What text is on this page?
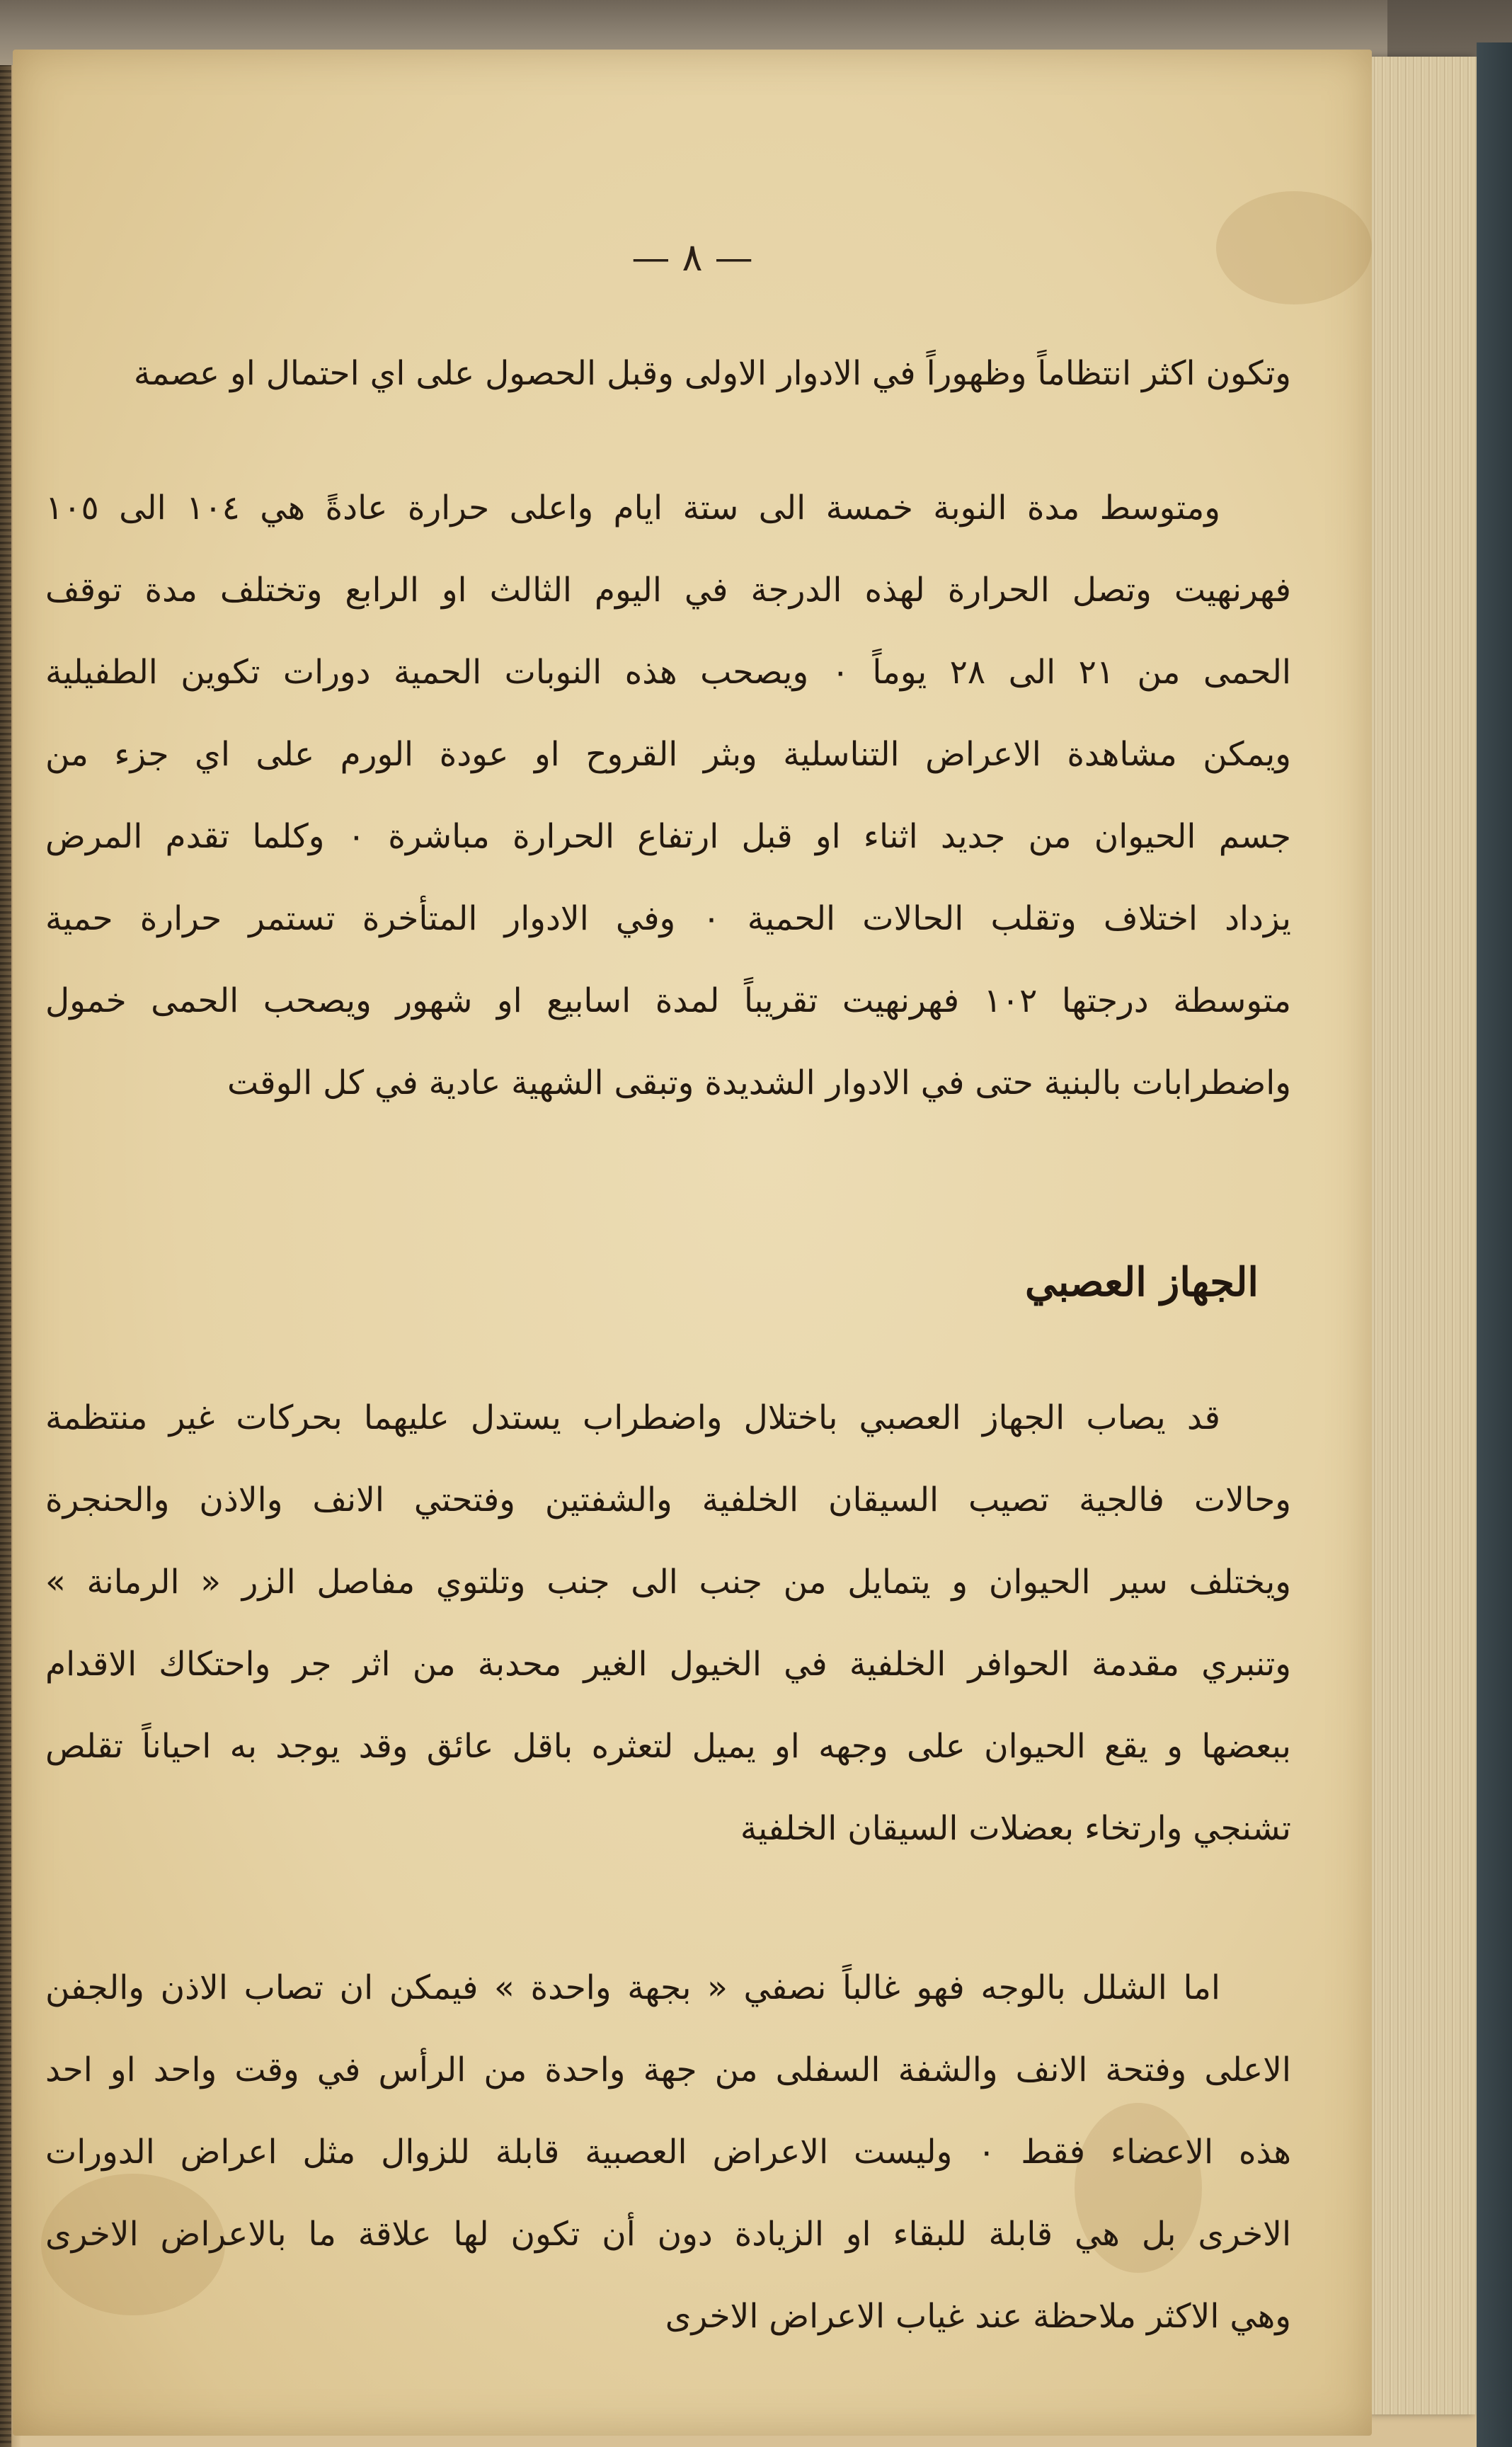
— ٨ —
وتكون اكثر انتظاماً وظهوراً في الادوار الاولى وقبل الحصول على اي احتمال او عصمة
ومتوسط مدة النوبة خمسة الى ستة ايام واعلى حرارة عادةً هي ١٠٤ الى ١٠٥
فهرنهيت وتصل الحرارة لهذه الدرجة في اليوم الثالث او الرابع وتختلف مدة توقف
الحمى من ٢١ الى ٢٨ يوماً ٠ ويصحب هذه النوبات الحمية دورات تكوين الطفيلية
ويمكن مشاهدة الاعراض التناسلية وبثر القروح او عودة الورم على اي جزء من
جسم الحيوان من جديد اثناء او قبل ارتفاع الحرارة مباشرة ٠ وكلما تقدم المرض
يزداد اختلاف وتقلب الحالات الحمية ٠ وفي الادوار المتأخرة تستمر حرارة حمية
متوسطة درجتها ١٠٢ فهرنهيت تقريباً لمدة اسابيع او شهور ويصحب الحمى خمول
واضطرابات بالبنية حتى في الادوار الشديدة وتبقى الشهية عادية في كل الوقت
الجهاز العصبي
قد يصاب الجهاز العصبي باختلال واضطراب يستدل عليهما بحركات غير منتظمة
وحالات فالجية تصيب السيقان الخلفية والشفتين وفتحتي الانف والاذن والحنجرة
ويختلف سير الحيوان و يتمايل من جنب الى جنب وتلتوي مفاصل الزر « الرمانة »
وتنبري مقدمة الحوافر الخلفية في الخيول الغير محدبة من اثر جر واحتكاك الاقدام
ببعضها و يقع الحيوان على وجهه او يميل لتعثره باقل عائق وقد يوجد به احياناً تقلص
تشنجي وارتخاء بعضلات السيقان الخلفية
اما الشلل بالوجه فهو غالباً نصفي « بجهة واحدة » فيمكن ان تصاب الاذن والجفن
الاعلى وفتحة الانف والشفة السفلى من جهة واحدة من الرأس في وقت واحد او احد
هذه الاعضاء فقط ٠ وليست الاعراض العصبية قابلة للزوال مثل اعراض الدورات
الاخرى بل هي قابلة للبقاء او الزيادة دون أن تكون لها علاقة ما بالاعراض الاخرى
وهي الاكثر ملاحظة عند غياب الاعراض الاخرى
